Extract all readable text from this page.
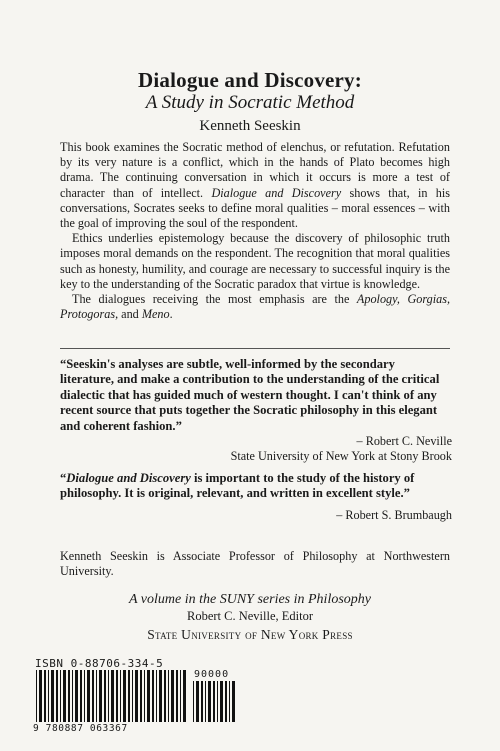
Dialogue and Discovery:
A Study in Socratic Method
Kenneth Seeskin

This book examines the Socratic method of elenchus, or refutation. Refutation by its very nature is a conflict, which in the hands of Plato becomes high drama. The continuing conversation in which it occurs is more a test of character than of intellect. Dialogue and Discovery shows that, in his conversations, Socrates seeks to define moral qualities – moral essences – with the goal of improving the soul of the respondent.

Ethics underlies epistemology because the discovery of philosophic truth imposes moral demands on the respondent. The recognition that moral qualities such as honesty, humility, and courage are necessary to successful inquiry is the key to the understanding of the Socratic paradox that virtue is knowledge.

The dialogues receiving the most emphasis are the Apology, Gorgias, Protogoras, and Meno.

“Seeskin's analyses are subtle, well-informed by the secondary literature, and make a contribution to the understanding of the critical dialectic that has guided much of western thought. I can't think of any recent source that puts together the Socratic philosophy in this elegant and coherent fashion.”

– Robert C. Neville

State University of New York at Stony Brook

“Dialogue and Discovery is important to the study of the history of philosophy. It is original, relevant, and written in excellent style.”

– Robert S. Brumbaugh

Kenneth Seeskin is Associate Professor of Philosophy at Northwestern University.
A volume in the SUNY series in Philosophy
Robert C. Neville, Editor
State University of New York Press
ISBN 0-88706-334-5
90000
9 780887 063367
